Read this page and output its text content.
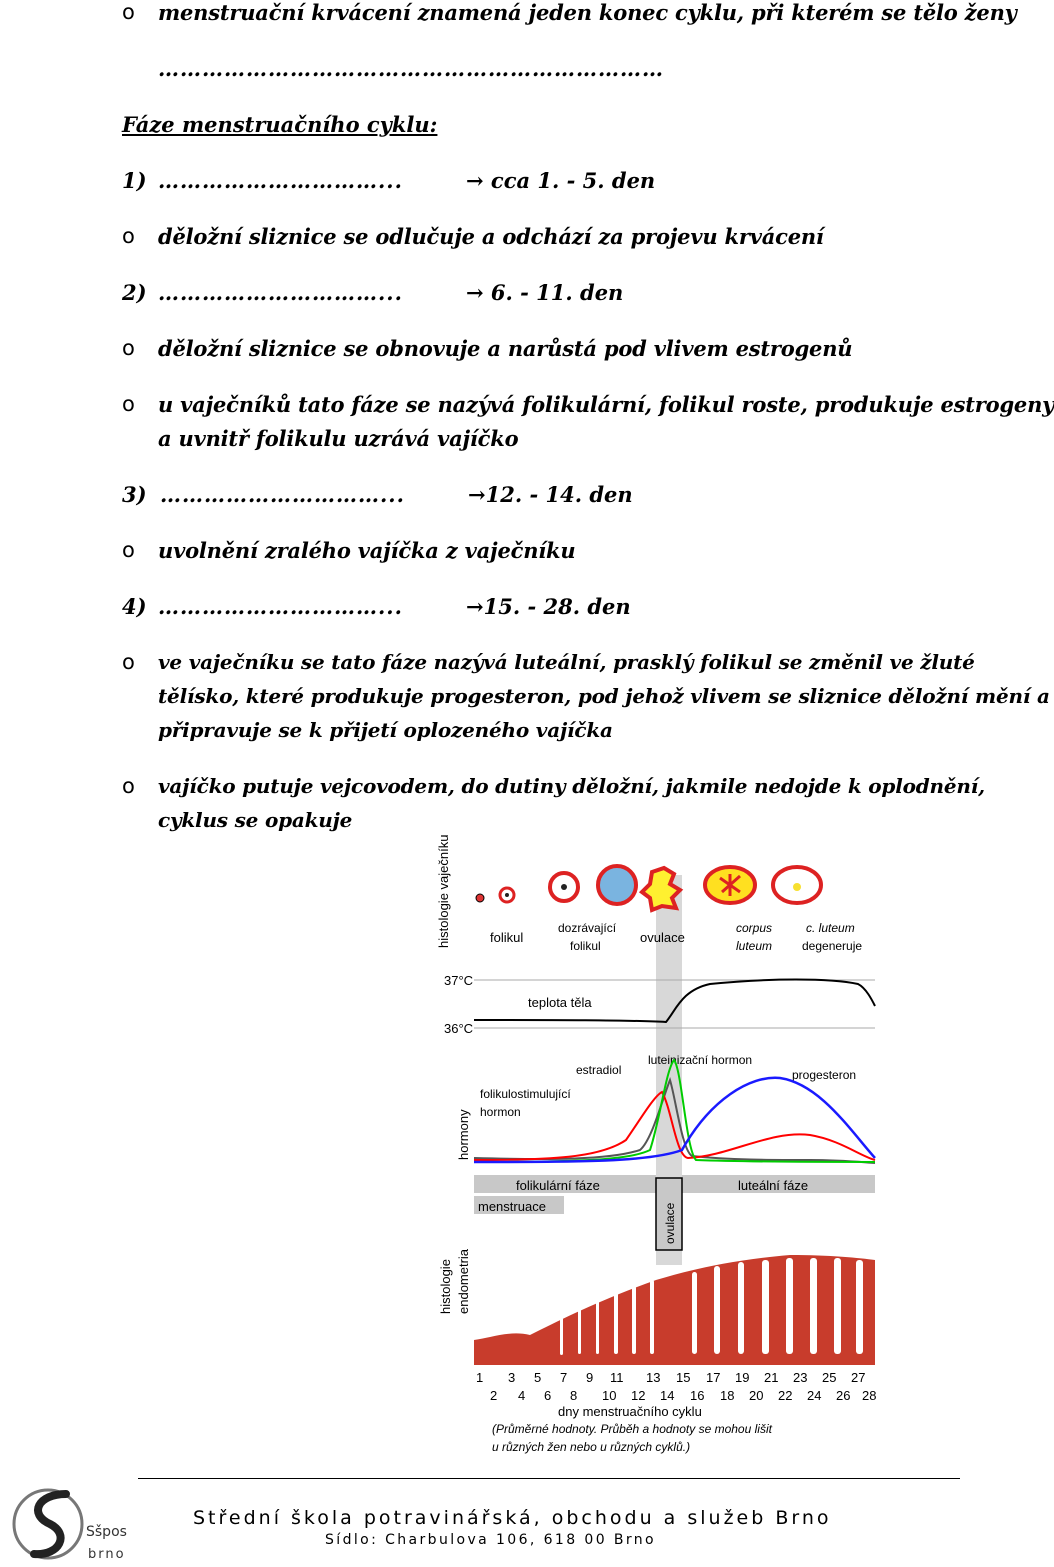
o menstruační krvácení znamená jeden konec cyklu, při kterém se tělo ženy
……………………………………………………………
Fáze menstruačního cyklu:
1) …………………………...	→ cca 1. - 5. den
o děložní sliznice se odlučuje a odchází za projevu krvácení
2) …………………………...	→ 6. - 11. den
o děložní sliznice se obnovuje a narůstá pod vlivem estrogenů
o u vaječníků tato fáze se nazývá folikulární, folikul roste, produkuje estrogeny
a uvnitř folikulu uzrává vajíčko
3) …………………………...	→12. - 14. den
o uvolnění zralého vajíčka z vaječníku
4) …………………………...	→15. - 28. den
o ve vaječníku se tato fáze nazývá luteální, prasklý folikul se změnil ve žluté
tělísko, které produkuje progesteron, pod jehož vlivem se sliznice děložní mění a
připravuje se k přijetí oplozeného vajíčka
o vajíčko putuje vejcovodem, do dutiny děložní, jakmile nedojde k oplodnění,
cyklus se opakuje
histologie vaječníku	folikul
dozrávající
folikul
ovulace
corpus
luteum
c. luteum
degeneruje
37°C
36°C
teplota těla
hormony
estradiol
luteinizační hormon
progesteron
folikulostimulující
hormon
folikulární fáze	luteální fáze
menstruace	ovulace
histologie endometria
1 3 5 7 9 11 13 15 17 19 21 23 25 27
2 4 6 8 10 12 14 16 18 20 22 24 26 28
dny menstruačního cyklu
(Průměrné hodnoty. Průběh a hodnoty se mohou lišit
u různých žen nebo u různých cyklů.)
Sšpos
brno
Střední škola potravinářská, obchodu a služeb Brno
Sídlo: Charbulova 106, 618 00 Brno
